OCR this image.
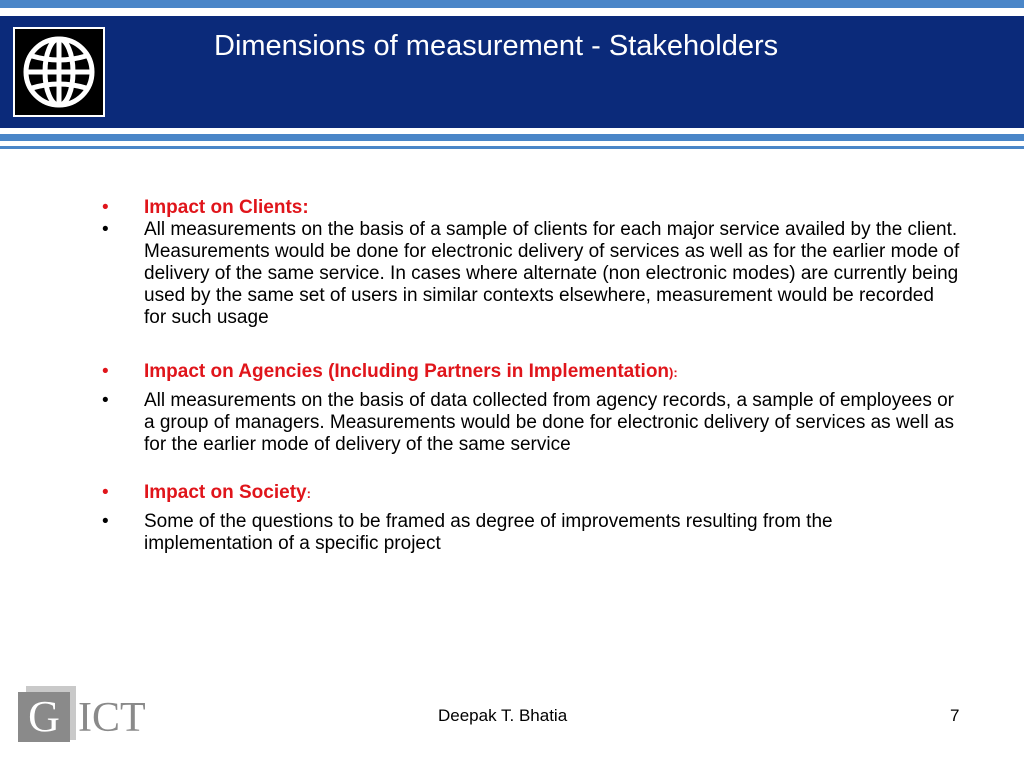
Dimensions of measurement - Stakeholders
•	Impact on Clients:
•	All measurements on the basis of a sample of clients for each major service availed by the client. Measurements would be done for electronic delivery of services as well as for the earlier mode of delivery of the same service. In cases where alternate (non electronic modes) are currently being used by the same set of users in similar contexts elsewhere, measurement would be recorded for such usage
•	Impact on Agencies (Including Partners in Implementation):
•	All measurements on the basis of data collected from agency records, a sample of employees or a group of managers. Measurements would be done for electronic delivery of services as well as for the earlier mode of delivery of the same service
•	Impact on Society:
•	Some of the questions to be framed as degree of improvements resulting from the implementation of a specific project
G ICT	Deepak T. Bhatia	7
